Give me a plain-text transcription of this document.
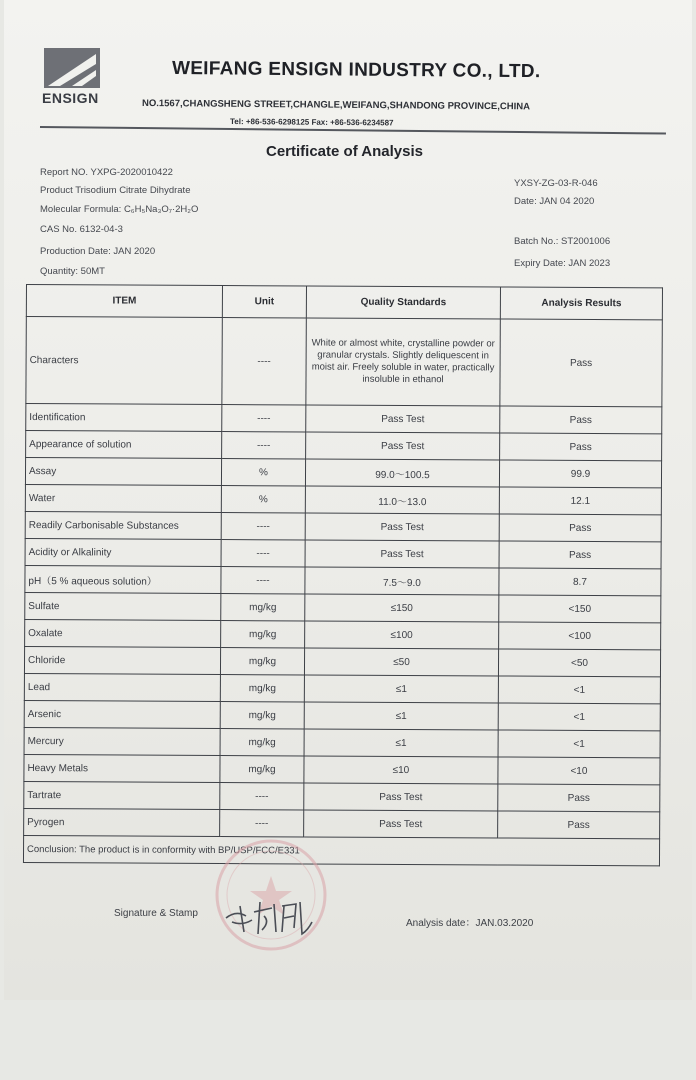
ENSIGN
WEIFANG ENSIGN INDUSTRY CO., LTD.
NO.1567,CHANGSHENG STREET,CHANGLE,WEIFANG,SHANDONG PROVINCE,CHINA
Tel: +86-536-6298125 Fax: +86-536-6234587
Certificate of Analysis
Report NO. YXPG-2020010422
Product Trisodium Citrate Dihydrate
Molecular Formula: C₆H₅Na₃O₇·2H₂O
CAS No. 6132-04-3
Production Date: JAN 2020
Quantity: 50MT
YXSY-ZG-03-R-046
Date: JAN 04 2020
Batch No.: ST2001006
Expiry Date: JAN 2023
ITEM	Unit	Quality Standards	Analysis Results
Characters	----	White or almost white, crystalline powder or granular crystals. Slightly deliquescent in moist air. Freely soluble in water, practically insoluble in ethanol	Pass
Identification	----	Pass Test	Pass
Appearance of solution	----	Pass Test	Pass
Assay	%	99.0～100.5	99.9
Water	%	11.0～13.0	12.1
Readily Carbonisable Substances	----	Pass Test	Pass
Acidity or Alkalinity	----	Pass Test	Pass
pH（5 % aqueous solution）	----	7.5～9.0	8.7
Sulfate	mg/kg	≤150	<150
Oxalate	mg/kg	≤100	<100
Chloride	mg/kg	≤50	<50
Lead	mg/kg	≤1	<1
Arsenic	mg/kg	≤1	<1
Mercury	mg/kg	≤1	<1
Heavy Metals	mg/kg	≤10	<10
Tartrate	----	Pass Test	Pass
Pyrogen	----	Pass Test	Pass
Conclusion: The product is in conformity with BP/USP/FCC/E331			
Signature & Stamp
Analysis date：JAN.03.2020
